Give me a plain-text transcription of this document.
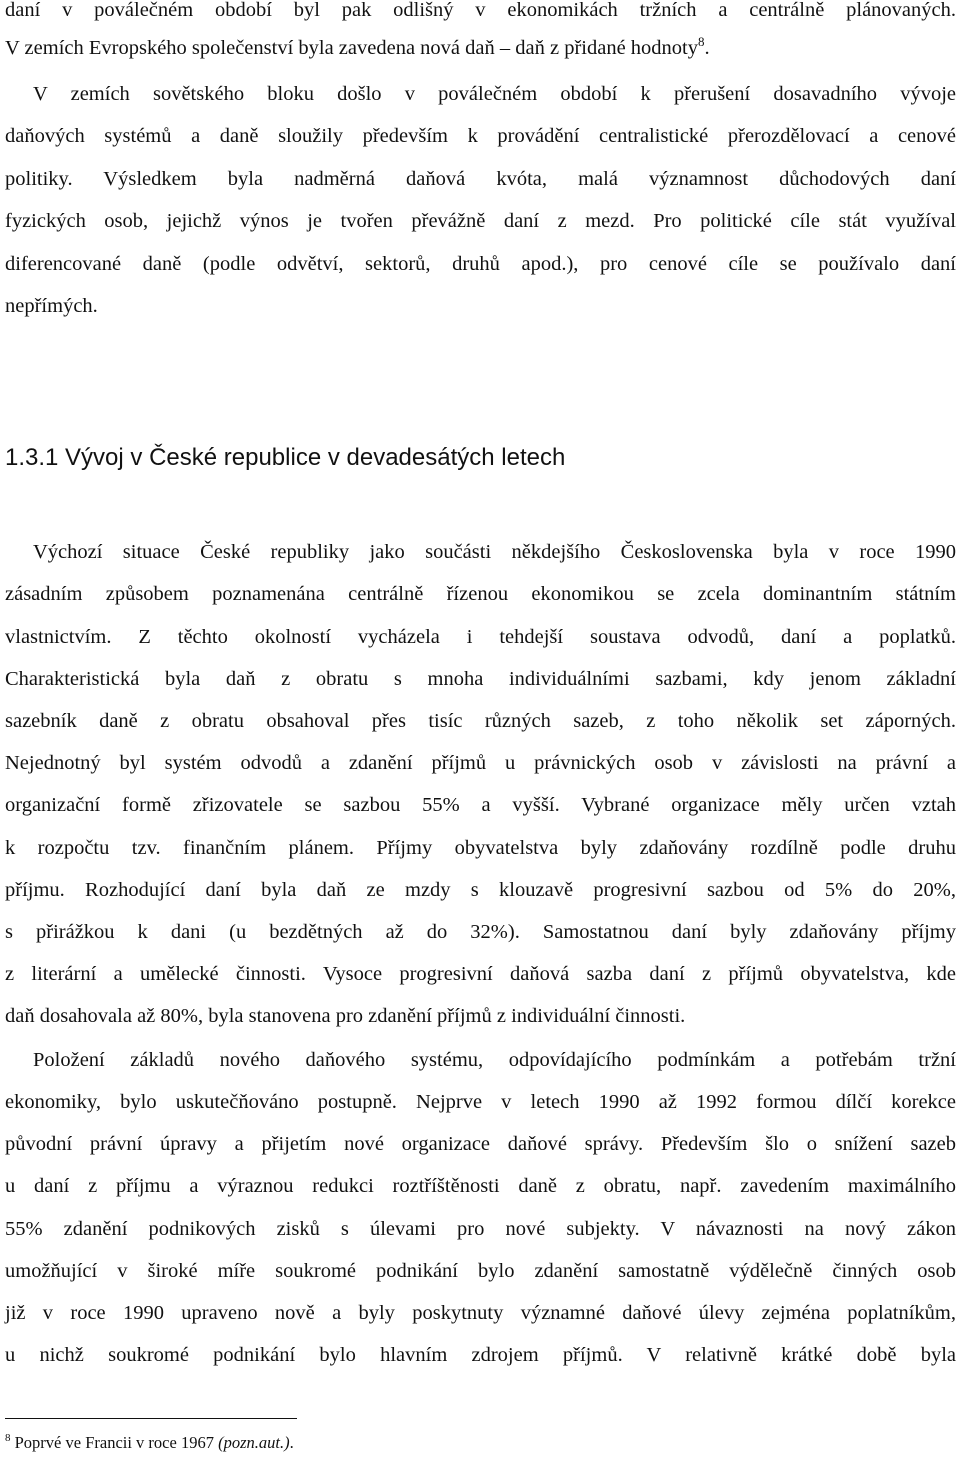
daní v poválečném období byl pak odlišný v ekonomikách tržních a centrálně plánovaných.
V zemích Evropského společenství byla zavedena nová daň – daň z přidané hodnoty$^8$.
V zemích sovětského bloku došlo v poválečném období k přerušení dosavadního vývoje
daňových systémů a daně sloužily především k provádění centralistické přerozdělovací a cenové
politiky. Výsledkem byla nadměrná daňová kvóta, malá významnost důchodových daní
fyzických osob, jejichž výnos je tvořen převážně daní z mezd. Pro politické cíle stát využíval
diferencované daně (podle odvětví, sektorů, druhů apod.), pro cenové cíle se používalo daní
nepřímých.
1.3.1 Vývoj v České republice v devadesátých letech
Výchozí situace České republiky jako součásti někdejšího Československa byla v roce 1990
zásadním způsobem poznamenána centrálně řízenou ekonomikou se zcela dominantním státním
vlastnictvím. Z těchto okolností vycházela i tehdejší soustava odvodů, daní a poplatků.
Charakteristická byla daň z obratu s mnoha individuálními sazbami, kdy jenom základní
sazebník daně z obratu obsahoval přes tisíc různých sazeb, z toho několik set záporných.
Nejednotný byl systém odvodů a zdanění příjmů u právnických osob v závislosti na právní a
organizační formě zřizovatele se sazbou 55% a vyšší. Vybrané organizace měly určen vztah
k rozpočtu tzv. finančním plánem. Příjmy obyvatelstva byly zdaňovány rozdílně podle druhu
příjmu. Rozhodující daní byla daň ze mzdy s klouzavě progresivní sazbou od 5% do 20%,
s přirážkou k dani (u bezdětných až do 32%). Samostatnou daní byly zdaňovány příjmy
z literární a umělecké činnosti. Vysoce progresivní daňová sazba daní z příjmů obyvatelstva, kde
daň dosahovala až 80%, byla stanovena pro zdanění příjmů z individuální činnosti.
Položení základů nového daňového systému, odpovídajícího podmínkám a potřebám tržní
ekonomiky, bylo uskutečňováno postupně. Nejprve v letech 1990 až 1992 formou dílčí korekce
původní právní úpravy a přijetím nové organizace daňové správy. Především šlo o snížení sazeb
u daní z příjmu a výraznou redukci roztříštěnosti daně z obratu, např. zavedením maximálního
55% zdanění podnikových zisků s úlevami pro nové subjekty. V návaznosti na nový zákon
umožňující v široké míře soukromé podnikání bylo zdanění samostatně výdělečně činných osob
již v roce 1990 upraveno nově a byly poskytnuty významné daňové úlevy zejména poplatníkům,
u nichž soukromé podnikání bylo hlavním zdrojem příjmů. V relativně krátké době byla
$^8$ Poprvé ve Francii v roce 1967 (pozn.aut.).
